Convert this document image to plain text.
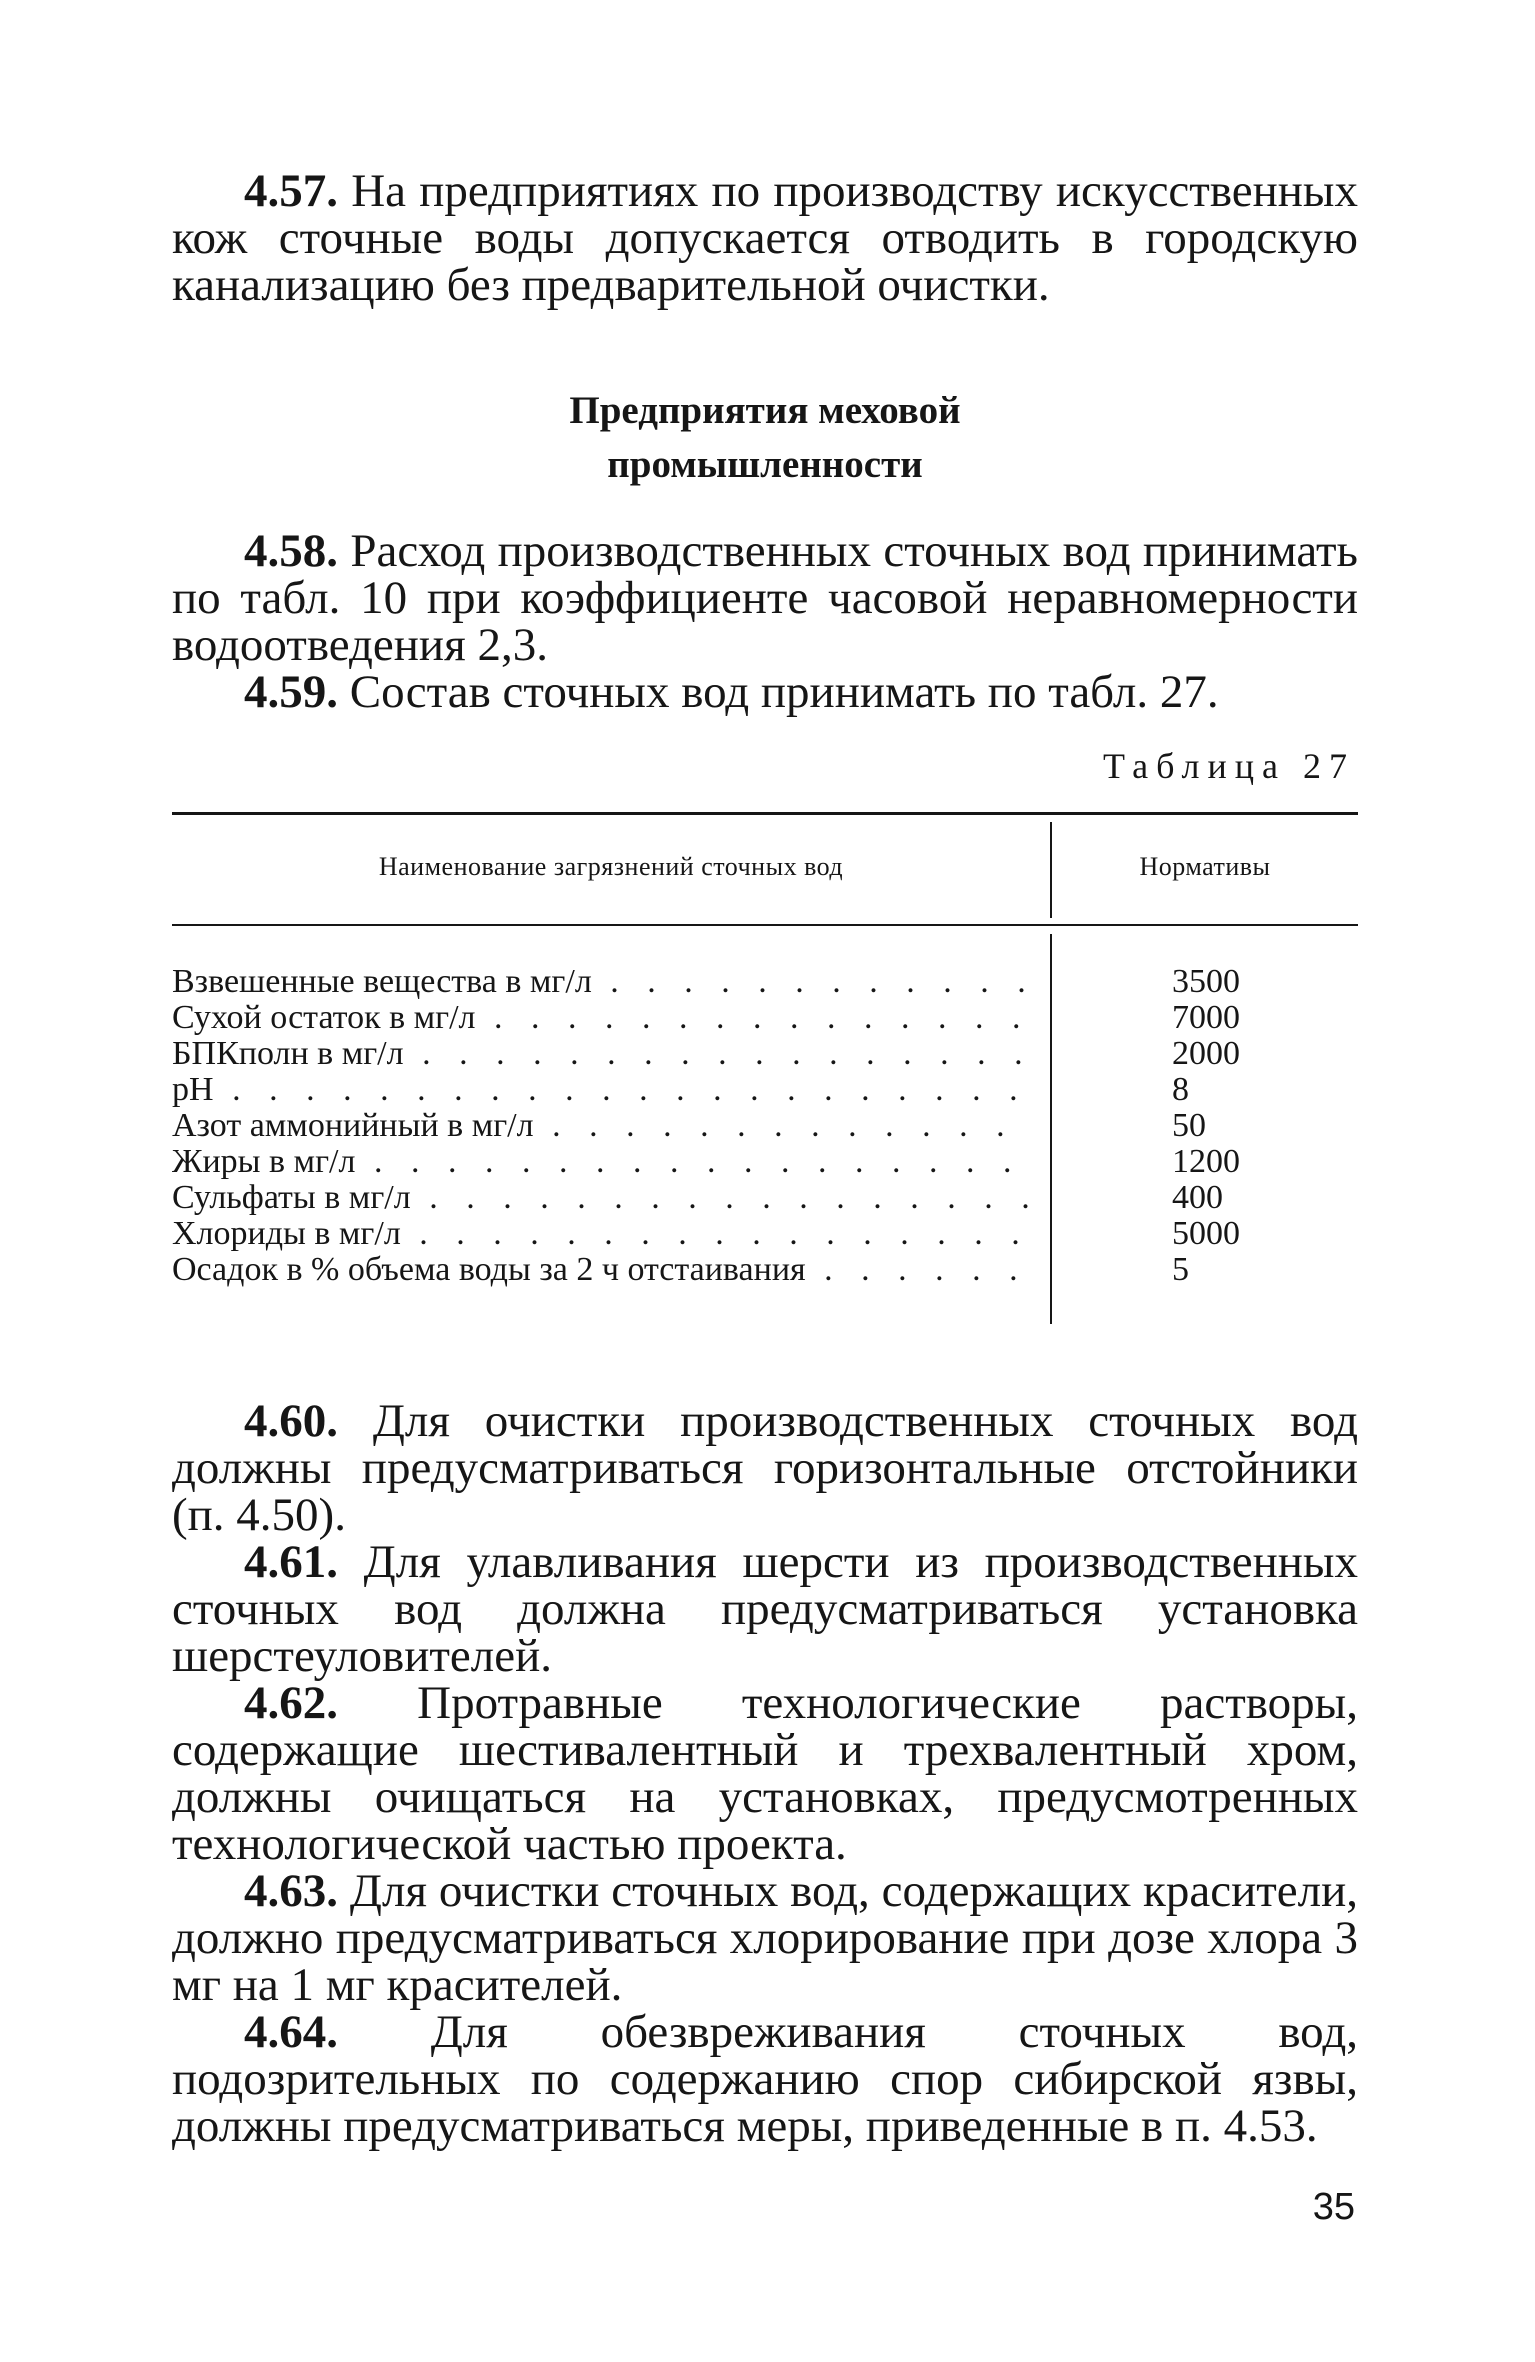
4.57. На предприятиях по производству искусственных кож сточные воды допускается отводить в городскую канализацию без предварительной очистки.

Предприятия меховой
промышленности

4.58. Расход производственных сточных вод принимать по табл. 10 при коэффициенте часовой неравномерности водоотведения 2,3.

4.59. Состав сточных вод принимать по табл. 27.

Таблица 27
Наименование загрязнений сточных вод	Нормативы
Взвешенные вещества в мг/л . . .	3500
Сухой остаток в мг/л . . .	7000
БПКполн в мг/л . . .	2000
pH . . .	8
Азот аммонийный в мг/л . . .	50
Жиры в мг/л . . .	1200
Сульфаты в мг/л . . .	400
Хлориды в мг/л . . .	5000
Осадок в % объема воды за 2 ч отстаивания . . .	5

4.60. Для очистки производственных сточных вод должны предусматриваться горизонтальные отстойники (п. 4.50).

4.61. Для улавливания шерсти из производственных сточных вод должна предусматриваться установка шерстеуловителей.

4.62. Протравные технологические растворы, содержащие шестивалентный и трехвалентный хром, должны очищаться на установках, предусмотренных технологической частью проекта.

4.63. Для очистки сточных вод, содержащих красители, должно предусматриваться хлорирование при дозе хлора 3 мг на 1 мг красителей.

4.64. Для обезвреживания сточных вод, подозрительных по содержанию спор сибирской язвы, должны предусматриваться меры, приведенные в п. 4.53.

35
